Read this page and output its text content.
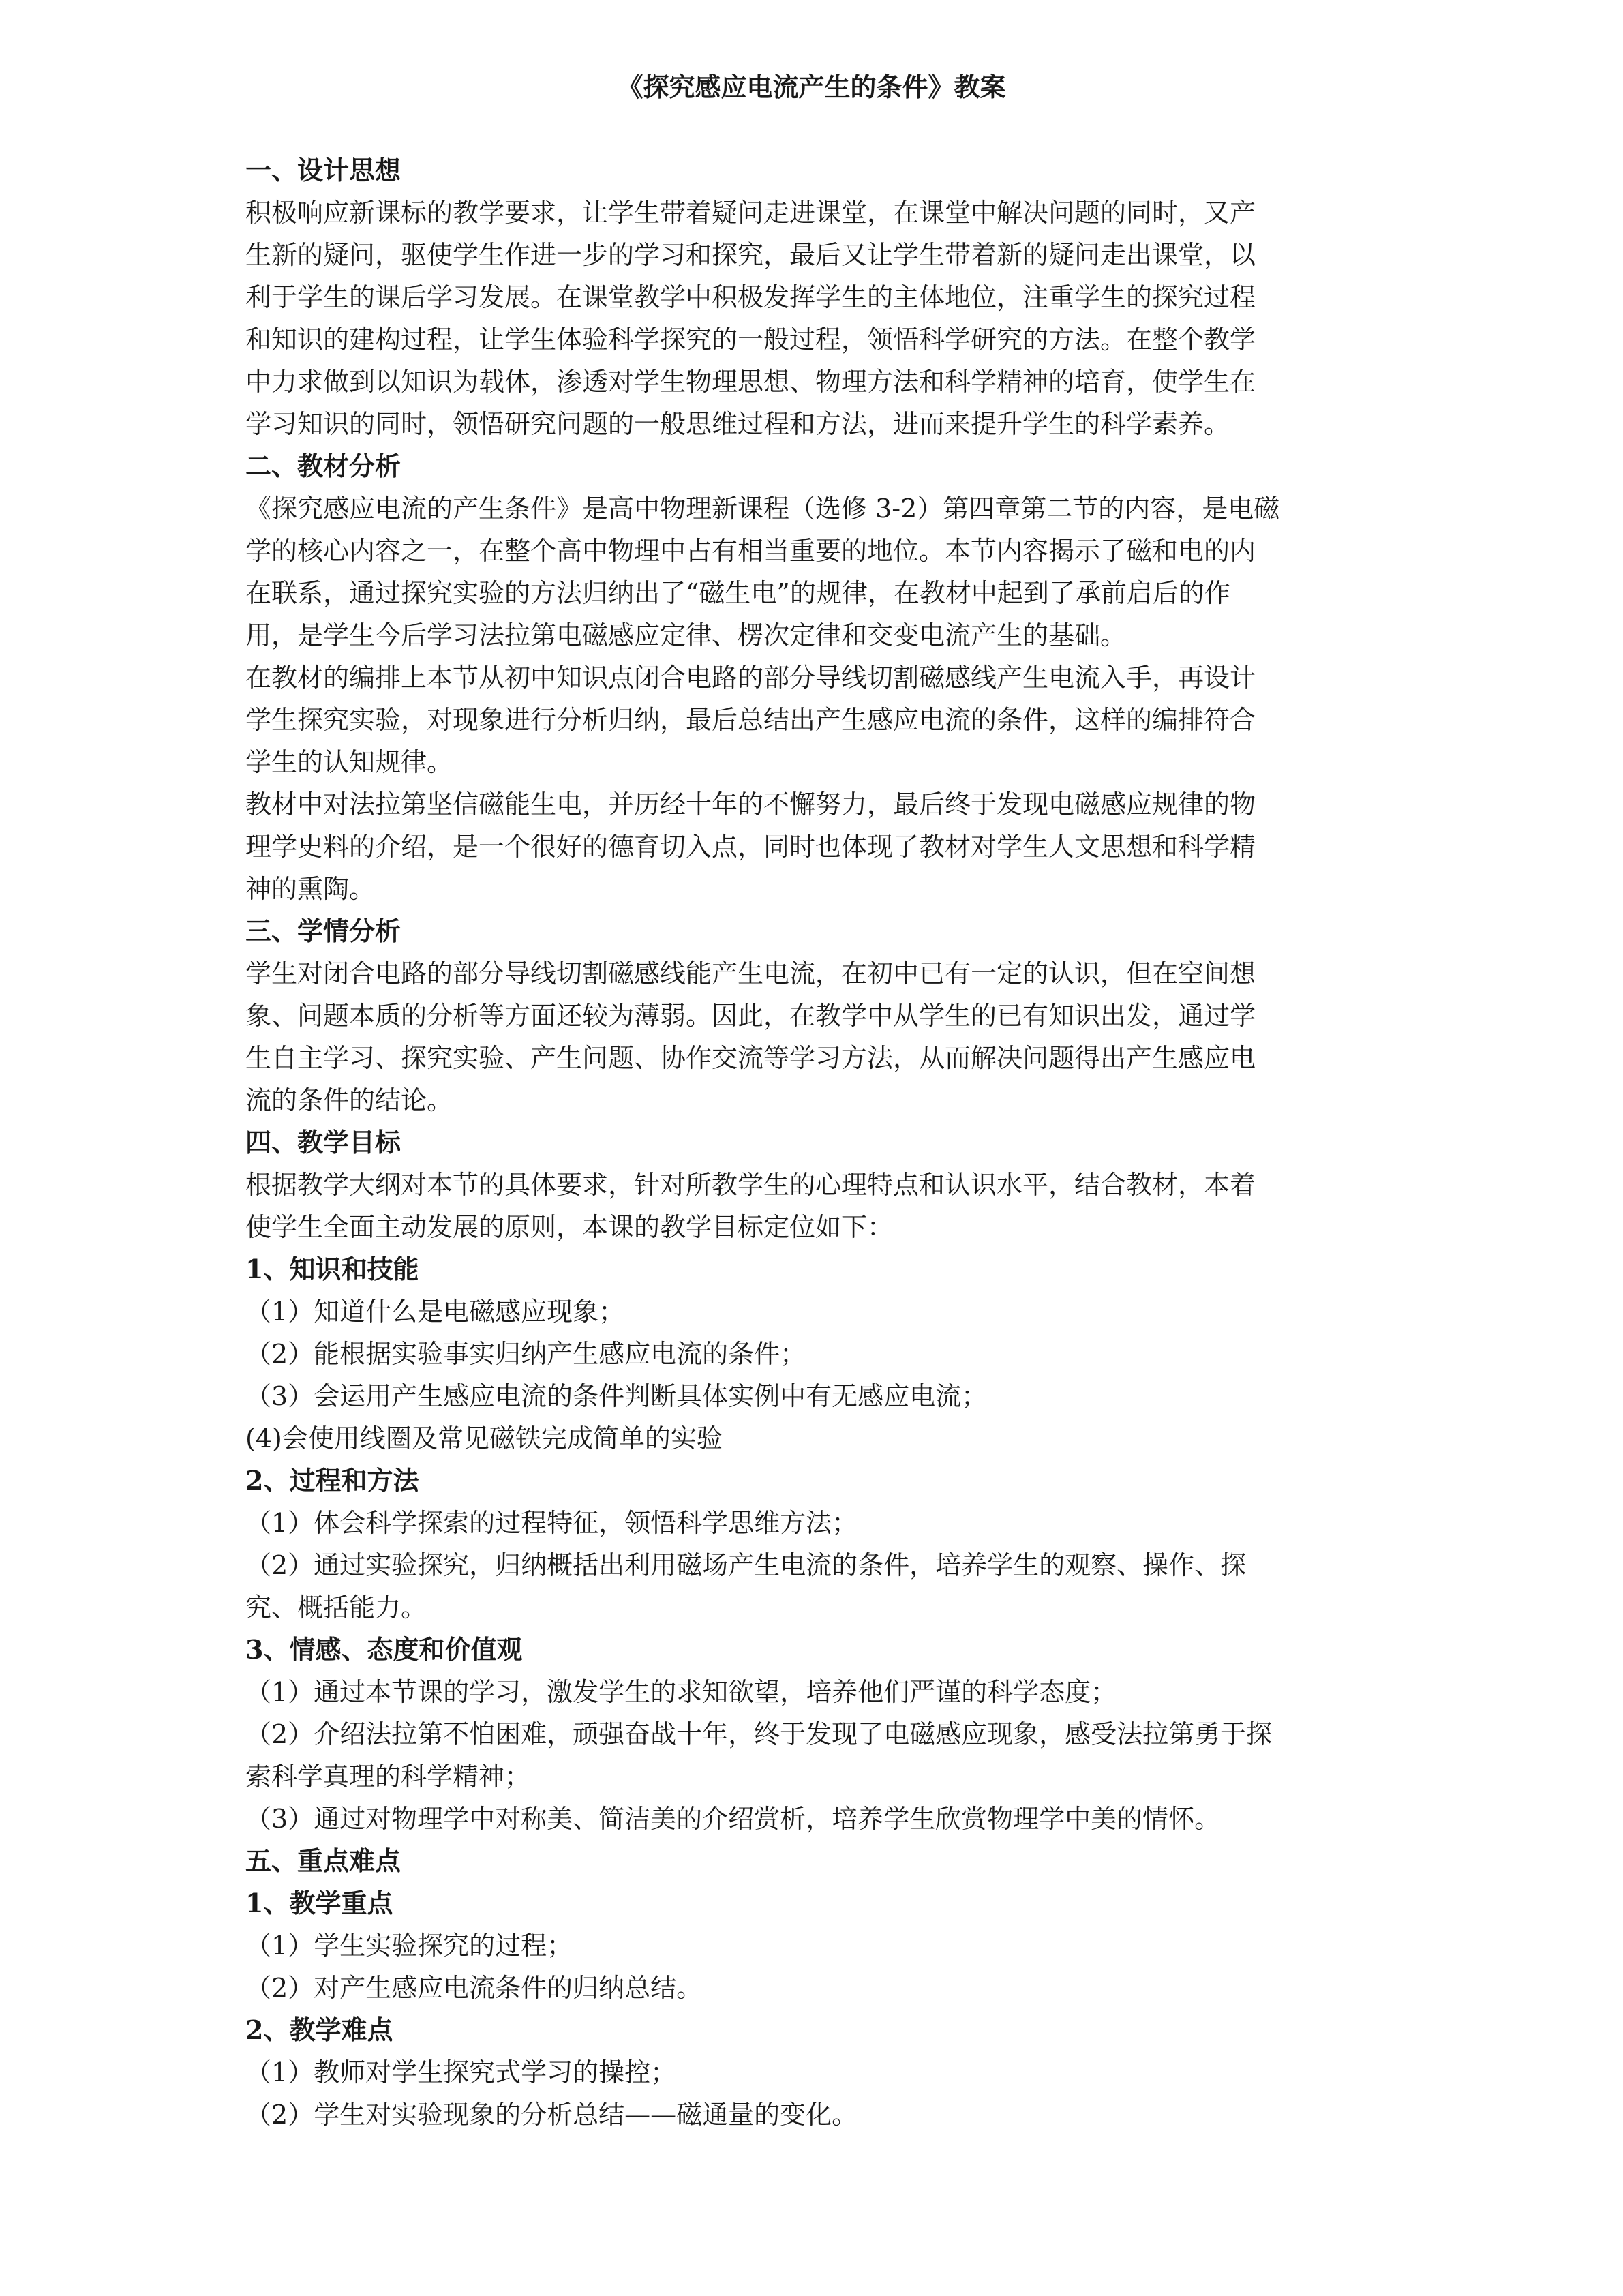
《探究感应电流产生的条件》教案
一、设计思想
积极响应新课标的教学要求，让学生带着疑问走进课堂，在课堂中解决问题的同时，又产
生新的疑问，驱使学生作进一步的学习和探究，最后又让学生带着新的疑问走出课堂，以
利于学生的课后学习发展。在课堂教学中积极发挥学生的主体地位，注重学生的探究过程
和知识的建构过程，让学生体验科学探究的一般过程，领悟科学研究的方法。在整个教学
中力求做到以知识为载体，渗透对学生物理思想、物理方法和科学精神的培育，使学生在
学习知识的同时，领悟研究问题的一般思维过程和方法，进而来提升学生的科学素养。
二、教材分析
《探究感应电流的产生条件》是高中物理新课程（选修 3-2）第四章第二节的内容，是电磁
学的核心内容之一，在整个高中物理中占有相当重要的地位。本节内容揭示了磁和电的内
在联系，通过探究实验的方法归纳出了“磁生电”的规律，在教材中起到了承前启后的作
用，是学生今后学习法拉第电磁感应定律、楞次定律和交变电流产生的基础。
在教材的编排上本节从初中知识点闭合电路的部分导线切割磁感线产生电流入手，再设计
学生探究实验，对现象进行分析归纳，最后总结出产生感应电流的条件，这样的编排符合
学生的认知规律。
教材中对法拉第坚信磁能生电，并历经十年的不懈努力，最后终于发现电磁感应规律的物
理学史料的介绍，是一个很好的德育切入点，同时也体现了教材对学生人文思想和科学精
神的熏陶。
三、学情分析
学生对闭合电路的部分导线切割磁感线能产生电流，在初中已有一定的认识，但在空间想
象、问题本质的分析等方面还较为薄弱。因此，在教学中从学生的已有知识出发，通过学
生自主学习、探究实验、产生问题、协作交流等学习方法，从而解决问题得出产生感应电
流的条件的结论。
四、教学目标
根据教学大纲对本节的具体要求，针对所教学生的心理特点和认识水平，结合教材，本着
使学生全面主动发展的原则，本课的教学目标定位如下：
1、知识和技能
（1）知道什么是电磁感应现象；
（2）能根据实验事实归纳产生感应电流的条件；
（3）会运用产生感应电流的条件判断具体实例中有无感应电流；
(4)会使用线圈及常见磁铁完成简单的实验
2、过程和方法
（1）体会科学探索的过程特征，领悟科学思维方法；
（2）通过实验探究，归纳概括出利用磁场产生电流的条件，培养学生的观察、操作、探
究、概括能力。
3、情感、态度和价值观
（1）通过本节课的学习，激发学生的求知欲望，培养他们严谨的科学态度；
（2）介绍法拉第不怕困难，顽强奋战十年，终于发现了电磁感应现象，感受法拉第勇于探
索科学真理的科学精神；
（3）通过对物理学中对称美、简洁美的介绍赏析，培养学生欣赏物理学中美的情怀。
五、重点难点
1、教学重点
（1）学生实验探究的过程；
（2）对产生感应电流条件的归纳总结。
2、教学难点
（1）教师对学生探究式学习的操控；
（2）学生对实验现象的分析总结——磁通量的变化。
